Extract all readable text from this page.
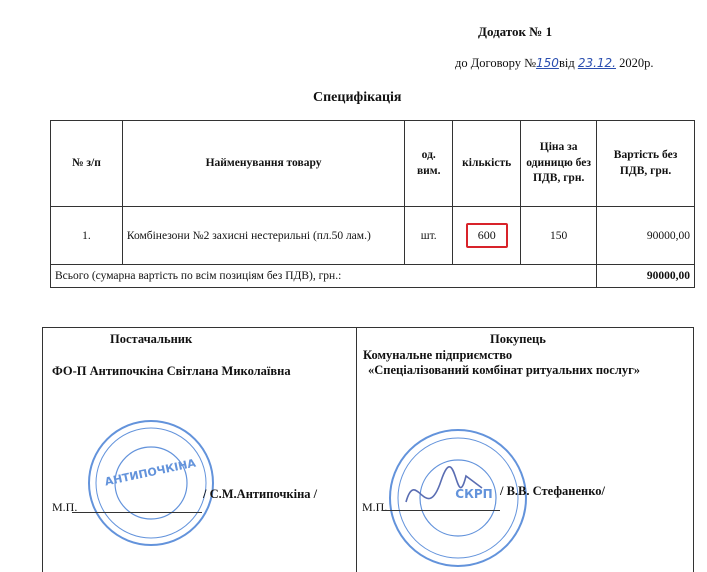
Додаток № 1
до Договору №150від 23.12. 2020р.
Специфікація
№ з/п	Найменування товару	од. вим.	кількість	Ціна за одиницю без ПДВ, грн.	Вартість без ПДВ, грн.
1.	Комбінезони №2 захисні нестерильні (пл.50 лам.)	шт.	600	150	90000,00
Всього (сумарна вартість по всім позиціям без ПДВ), грн.:					90000,00
Постачальник
ФО-П Антипочкіна Світлана Миколаївна
Покупець
Комунальне підприємство
«Спеціалізований комбінат ритуальних послуг»
АНТИПОЧКІНА
СКРП
М.П.
/ С.М.Антипочкіна /
М.П.
/ В.В. Стефаненко/
